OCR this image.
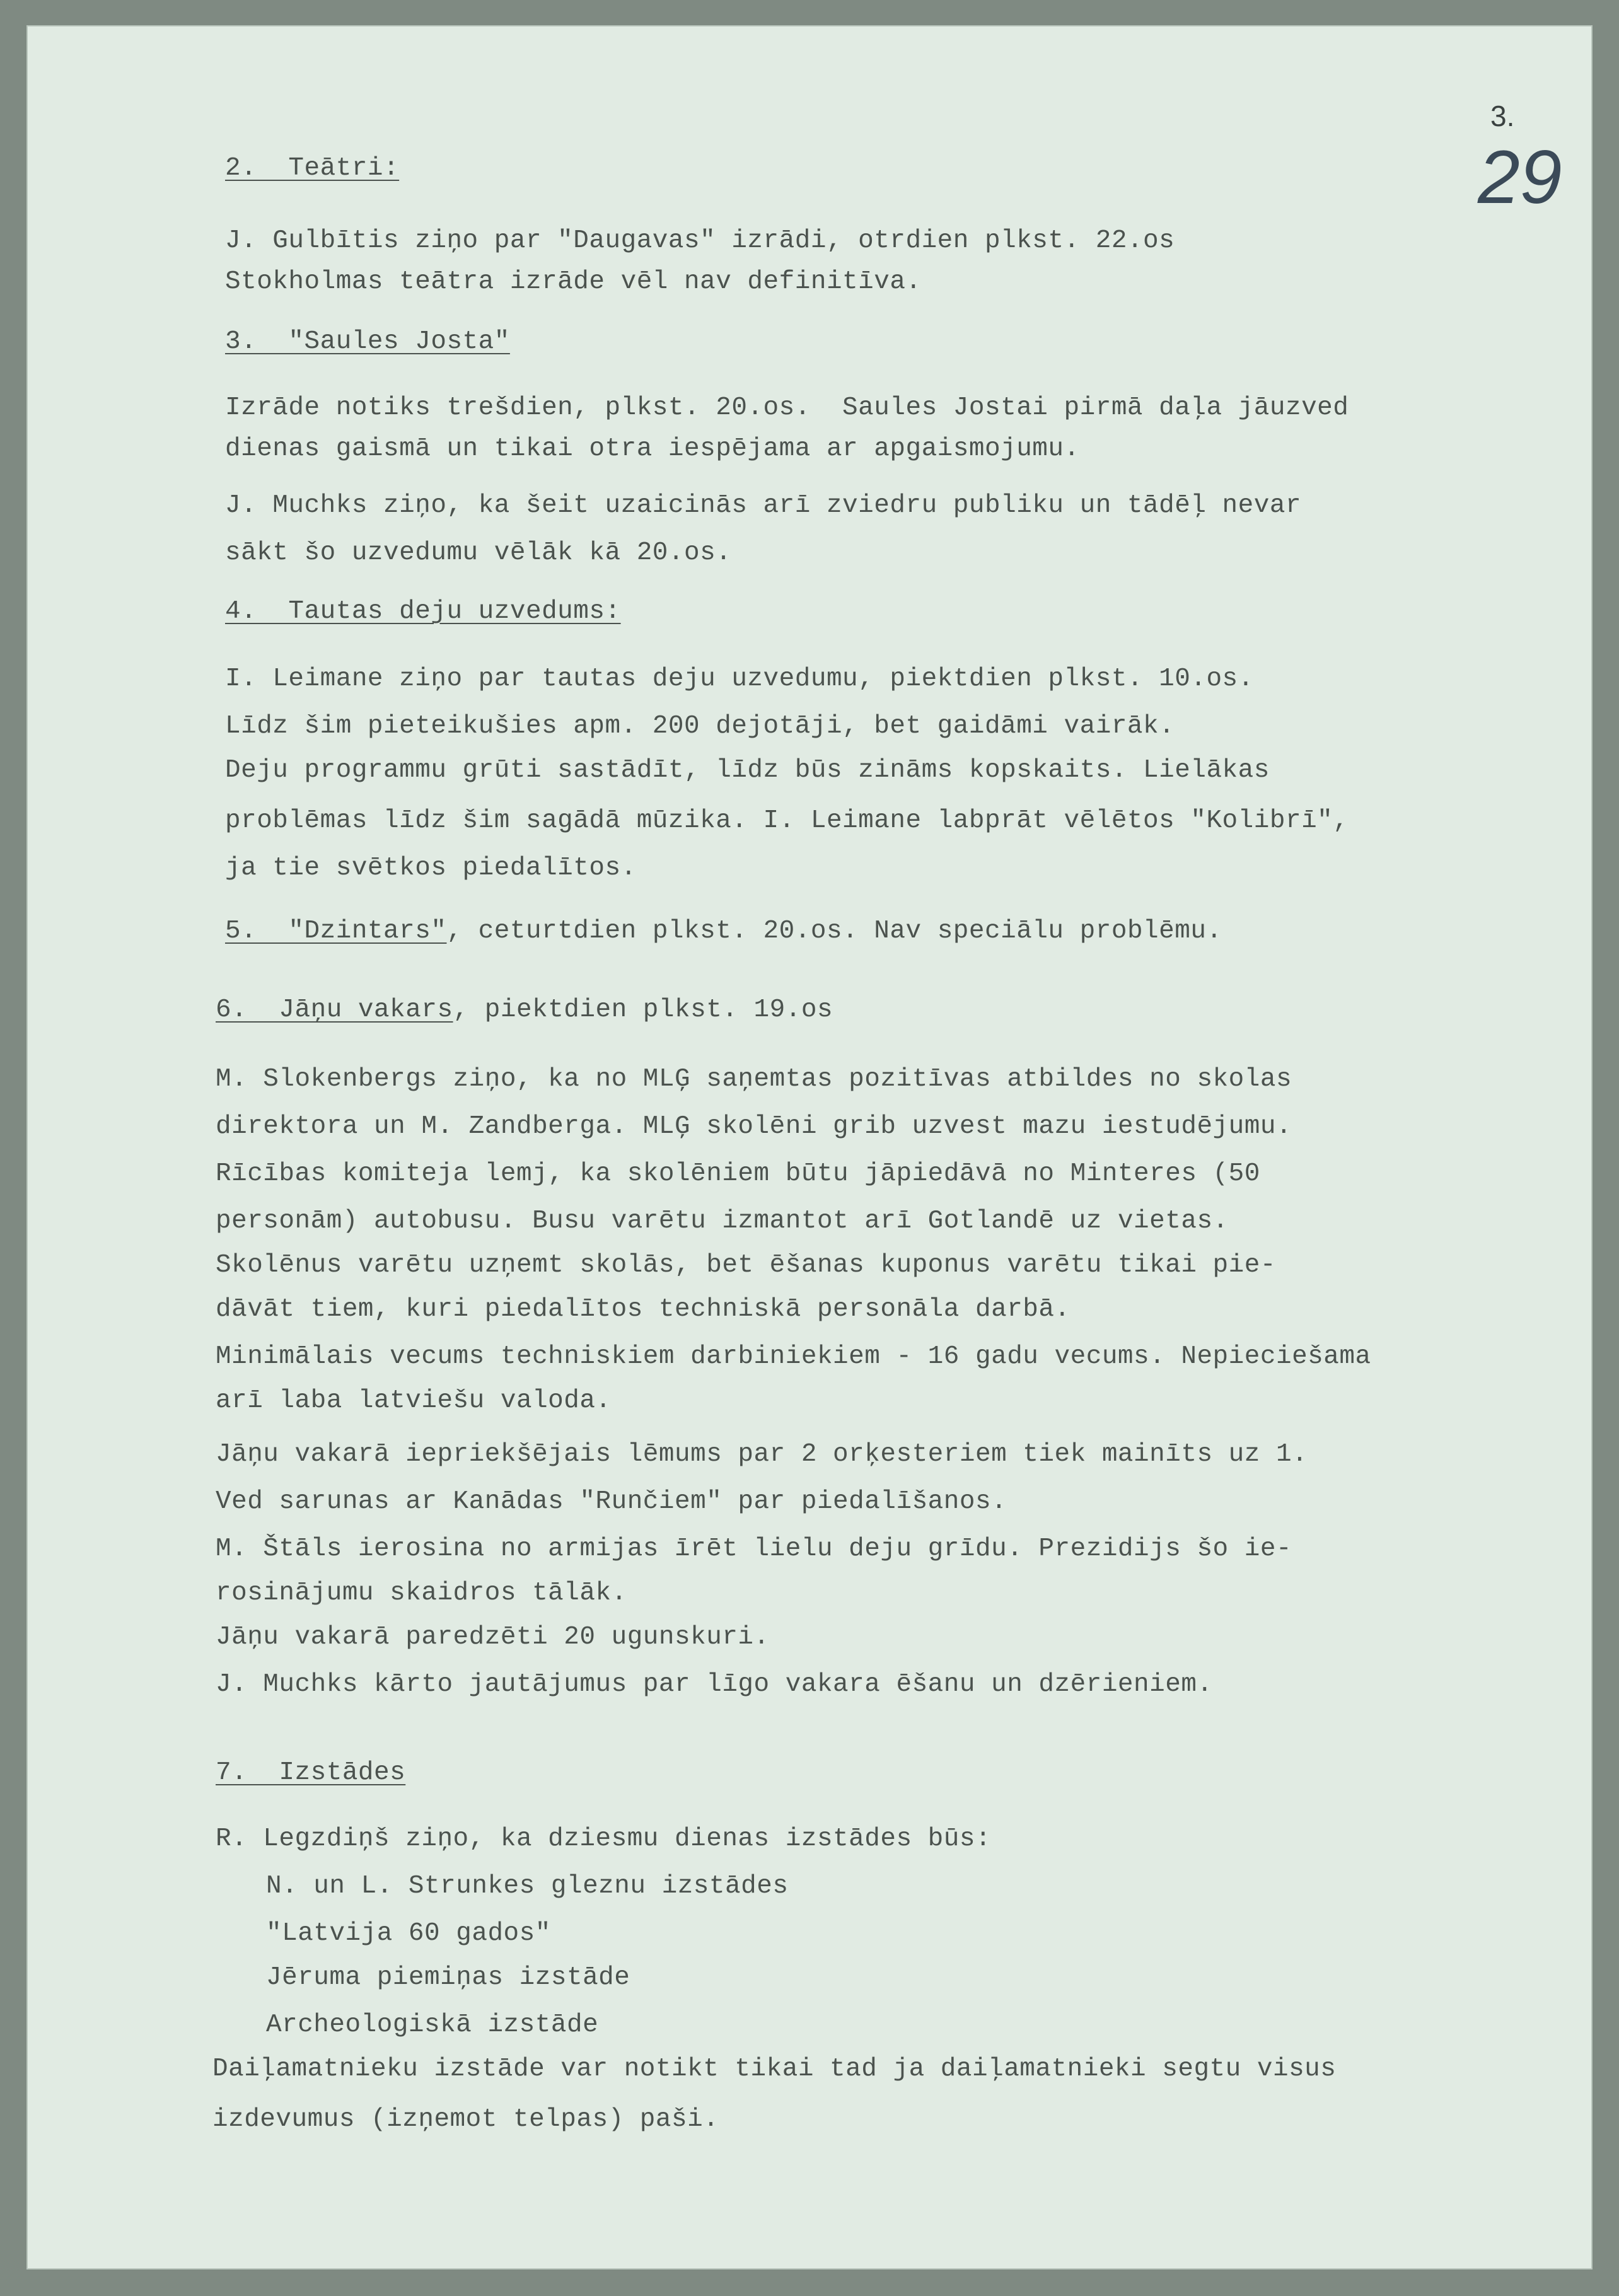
3.
29
2.  Teātri:
J. Gulbītis ziņo par "Daugavas" izrādi, otrdien plkst. 22.os
Stokholmas teātra izrāde vēl nav definitīva.
3.  "Saules Josta"
Izrāde notiks trešdien, plkst. 20.os.  Saules Jostai pirmā daļa jāuzved
dienas gaismā un tikai otra iespējama ar apgaismojumu.
J. Muchks ziņo, ka šeit uzaicinās arī zviedru publiku un tādēļ nevar
sākt šo uzvedumu vēlāk kā 20.os.
4.  Tautas deju uzvedums:
I. Leimane ziņo par tautas deju uzvedumu, piektdien plkst. 10.os.
Līdz šim pieteikušies apm. 200 dejotāji, bet gaidāmi vairāk.
Deju programmu grūti sastādīt, līdz būs zināms kopskaits. Lielākas
problēmas līdz šim sagādā mūzika. I. Leimane labprāt vēlētos "Kolibrī",
ja tie svētkos piedalītos.
5.  "Dzintars", ceturtdien plkst. 20.os. Nav speciālu problēmu.
6.  Jāņu vakars, piektdien plkst. 19.os
M. Slokenbergs ziņo, ka no MLĢ saņemtas pozitīvas atbildes no skolas
direktora un M. Zandberga. MLĢ skolēni grib uzvest mazu iestudējumu.
Rīcības komiteja lemj, ka skolēniem būtu jāpiedāvā no Minteres (50
personām) autobusu. Busu varētu izmantot arī Gotlandē uz vietas.
Skolēnus varētu uzņemt skolās, bet ēšanas kuponus varētu tikai pie-
dāvāt tiem, kuri piedalītos techniskā personāla darbā.
Minimālais vecums techniskiem darbiniekiem - 16 gadu vecums. Nepieciešama
arī laba latviešu valoda.
Jāņu vakarā iepriekšējais lēmums par 2 orķesteriem tiek mainīts uz 1.
Ved sarunas ar Kanādas "Runčiem" par piedalīšanos.
M. Štāls ierosina no armijas īrēt lielu deju grīdu. Prezidijs šo ie-
rosinājumu skaidros tālāk.
Jāņu vakarā paredzēti 20 ugunskuri.
J. Muchks kārto jautājumus par līgo vakara ēšanu un dzērieniem.
7.  Izstādes
R. Legzdiņš ziņo, ka dziesmu dienas izstādes būs:
N. un L. Strunkes gleznu izstādes
"Latvija 60 gados"
Jēruma piemiņas izstāde
Archeologiskā izstāde
Daiļamatnieku izstāde var notikt tikai tad ja daiļamatnieki segtu visus
izdevumus (izņemot telpas) paši.
